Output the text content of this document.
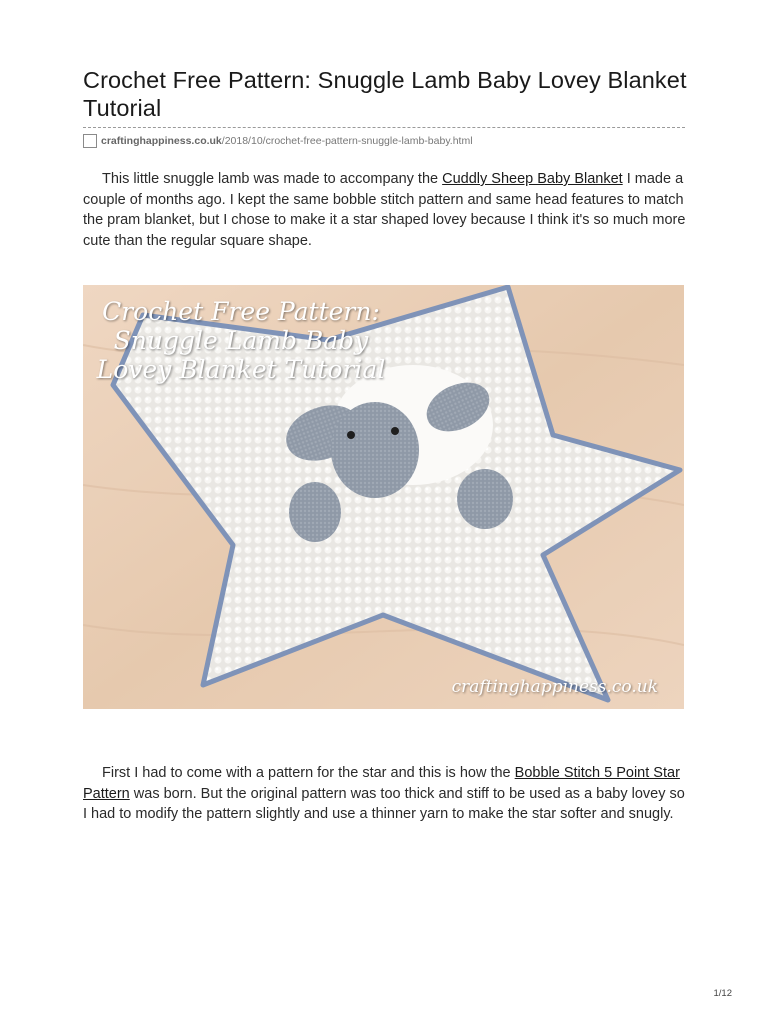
Crochet Free Pattern: Snuggle Lamb Baby Lovey Blanket Tutorial
craftinghappiness.co.uk /2018/10/crochet-free-pattern-snuggle-lamb-baby.html

This little snuggle lamb was made to accompany the Cuddly Sheep Baby Blanket I made a couple of months ago. I kept the same bobble stitch pattern and same head features to match the pram blanket, but I chose to make it a star shaped lovey because I think it's so much more cute than the regular square shape.

Crochet Free Pattern: Snuggle Lamb Baby Lovey Blanket Tutorial
craftinghappiness.co.uk

First I had to come with a pattern for the star and this is how the Bobble Stitch 5 Point Star Pattern was born. But the original pattern was too thick and stiff to be used as a baby lovey so I had to modify the pattern slightly and use a thinner yarn to make the star softer and snugly.

1/12
